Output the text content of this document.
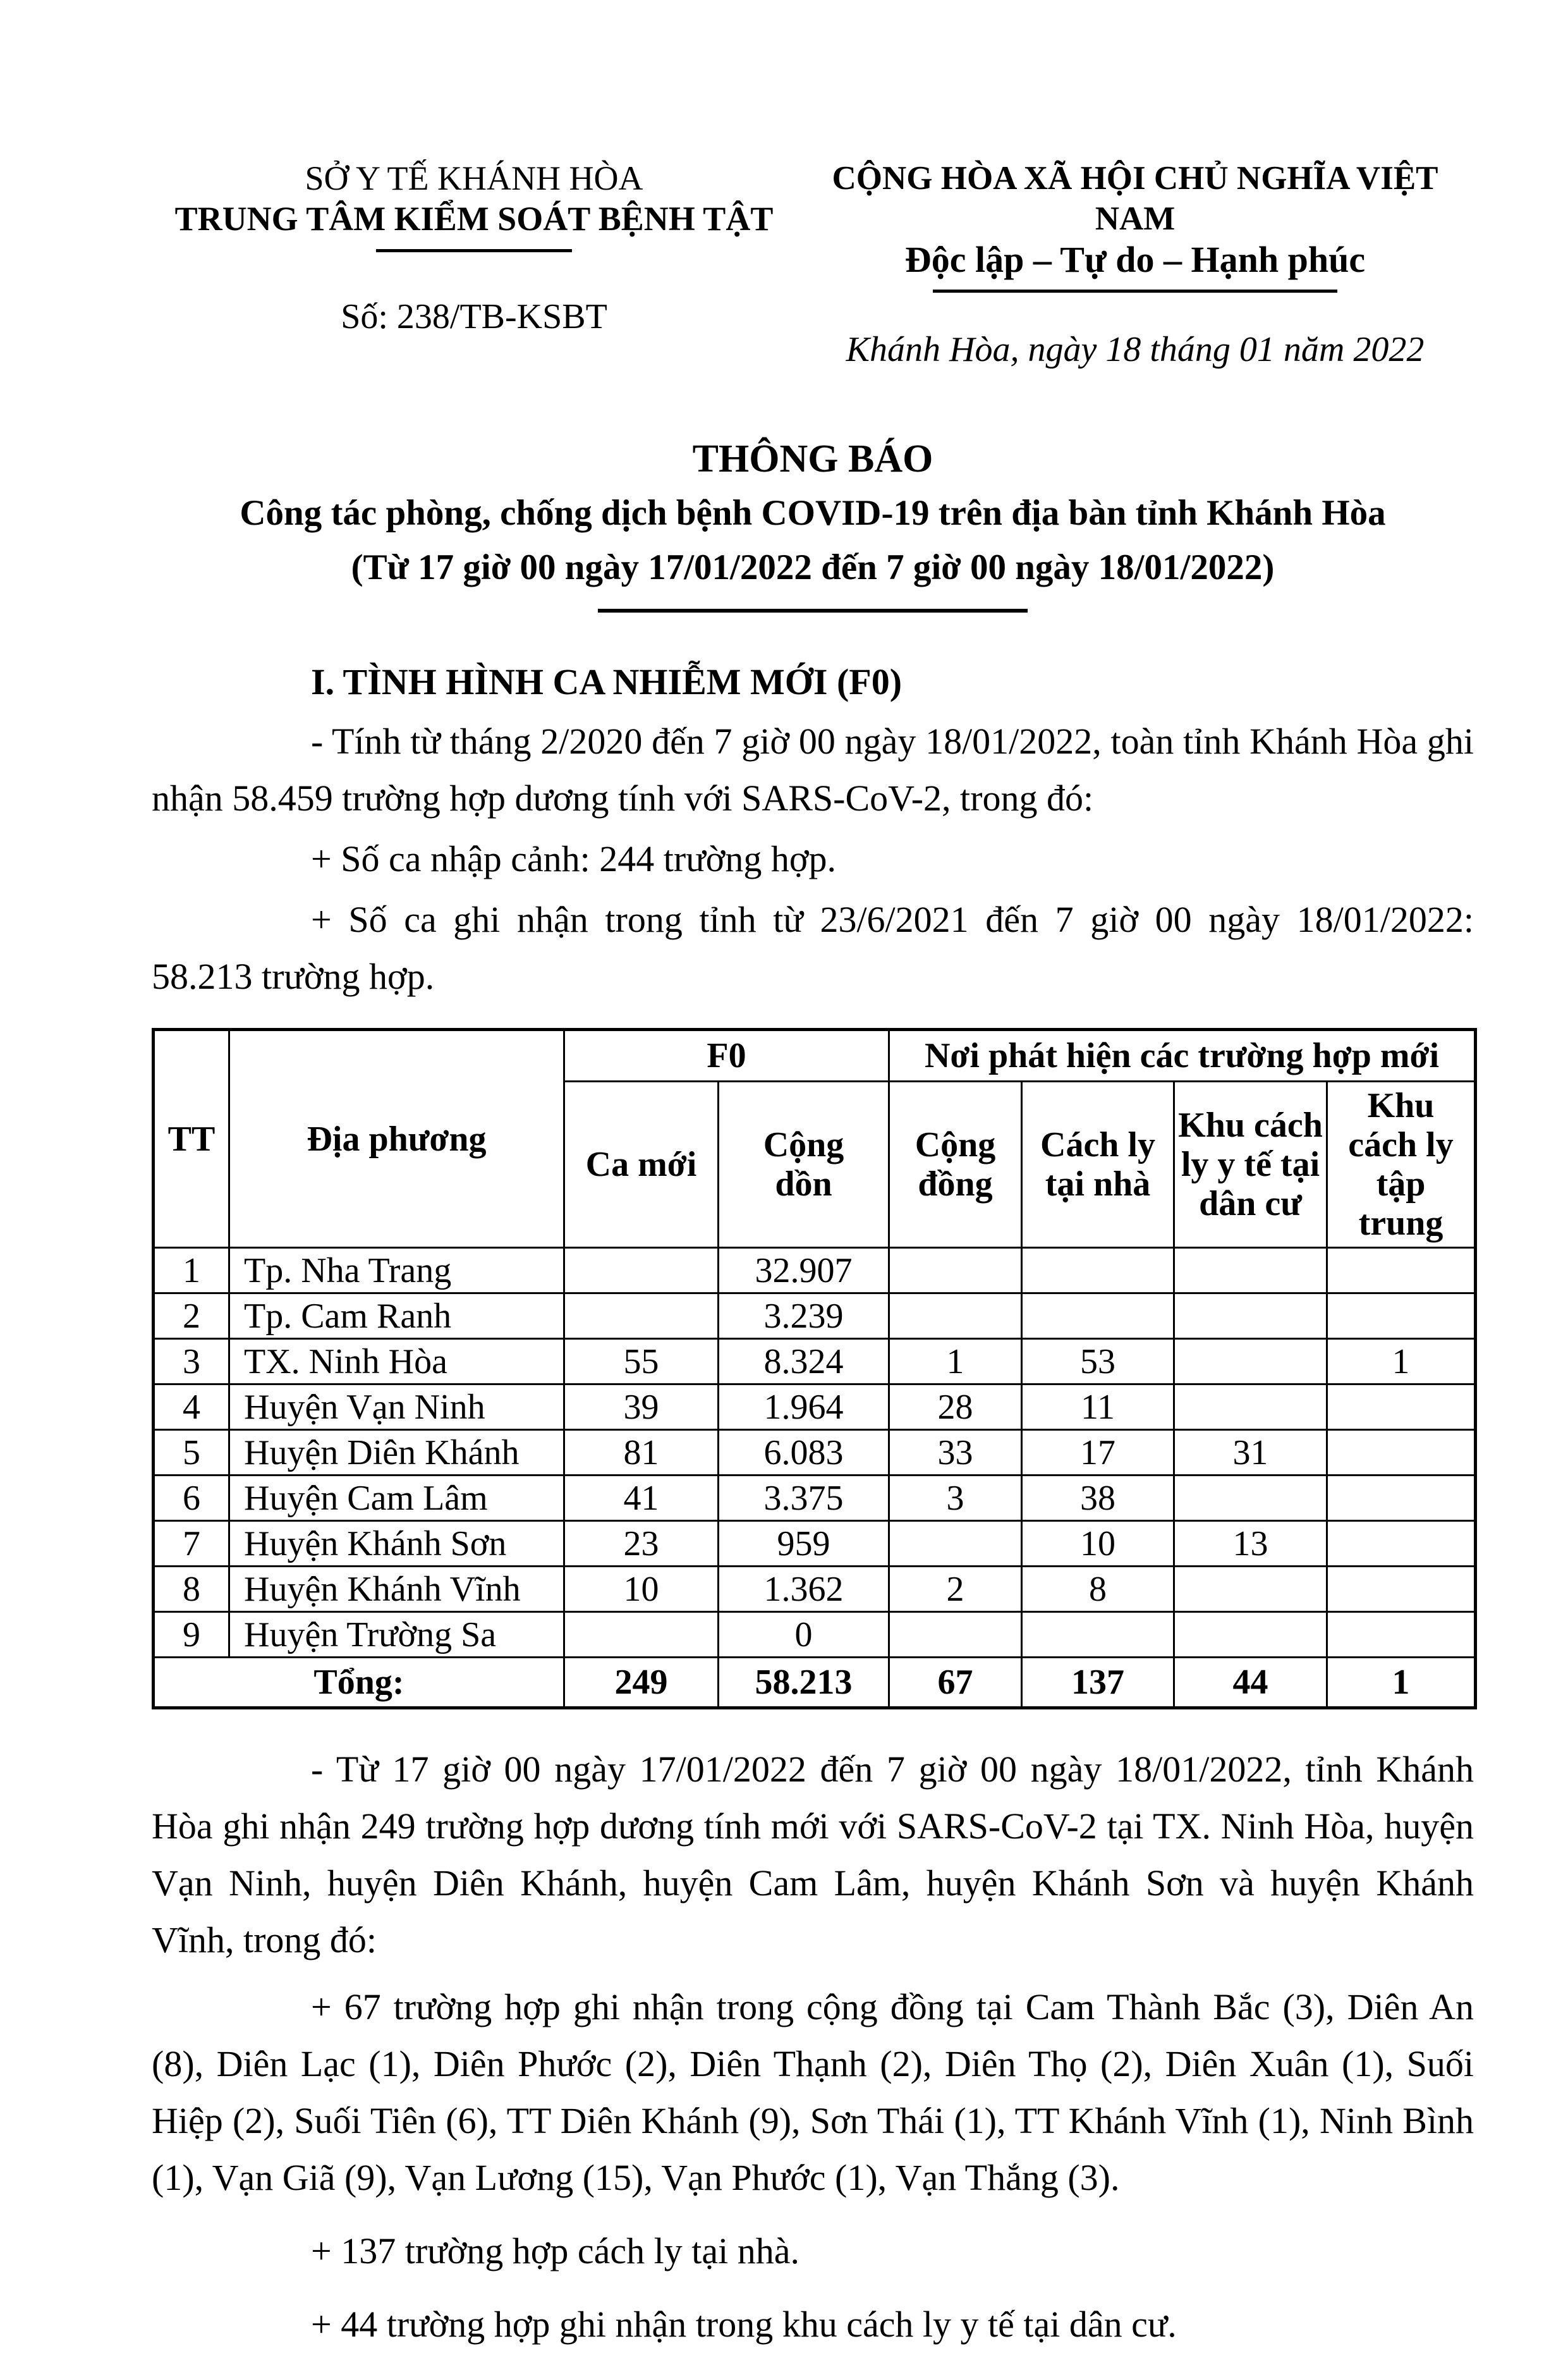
SỞ Y TẾ KHÁNH HÒA
TRUNG TÂM KIỂM SOÁT BỆNH TẬT
Số: 238/TB-KSBT
CỘNG HÒA XÃ HỘI CHỦ NGHĨA VIỆT NAM
Độc lập – Tự do – Hạnh phúc
Khánh Hòa, ngày 18 tháng 01 năm 2022
THÔNG BÁO
Công tác phòng, chống dịch bệnh COVID-19 trên địa bàn tỉnh Khánh Hòa
(Từ 17 giờ 00 ngày 17/01/2022 đến 7 giờ 00 ngày 18/01/2022)
I. TÌNH HÌNH CA NHIỄM MỚI (F0)

- Tính từ tháng 2/2020 đến 7 giờ 00 ngày 18/01/2022, toàn tỉnh Khánh Hòa ghi nhận 58.459 trường hợp dương tính với SARS-CoV-2, trong đó:

+ Số ca nhập cảnh: 244 trường hợp.

+ Số ca ghi nhận trong tỉnh từ 23/6/2021 đến 7 giờ 00 ngày 18/01/2022: 58.213 trường hợp.

TT	Địa phương	F0		Nơi phát hiện các trường hợp mới			
		Ca mới	Cộng dồn	Cộng đồng	Cách ly tại nhà	Khu cách ly y tế tại dân cư	Khu cách ly tập trung
1	Tp. Nha Trang		32.907				
2	Tp. Cam Ranh		3.239				
3	TX. Ninh Hòa	55	8.324	1	53		1
4	Huyện Vạn Ninh	39	1.964	28	11		
5	Huyện Diên Khánh	81	6.083	33	17	31	
6	Huyện Cam Lâm	41	3.375	3	38		
7	Huyện Khánh Sơn	23	959		10	13	
8	Huyện Khánh Vĩnh	10	1.362	2	8		
9	Huyện Trường Sa		0				
Tổng:		249	58.213	67	137	44	1

- Từ 17 giờ 00 ngày 17/01/2022 đến 7 giờ 00 ngày 18/01/2022, tỉnh Khánh Hòa ghi nhận 249 trường hợp dương tính mới với SARS-CoV-2 tại TX. Ninh Hòa, huyện Vạn Ninh, huyện Diên Khánh, huyện Cam Lâm, huyện Khánh Sơn và huyện Khánh Vĩnh, trong đó:

+ 67 trường hợp ghi nhận trong cộng đồng tại Cam Thành Bắc (3), Diên An (8), Diên Lạc (1), Diên Phước (2), Diên Thạnh (2), Diên Thọ (2), Diên Xuân (1), Suối Hiệp (2), Suối Tiên (6), TT Diên Khánh (9), Sơn Thái (1), TT Khánh Vĩnh (1), Ninh Bình (1), Vạn Giã (9), Vạn Lương (15), Vạn Phước (1), Vạn Thắng (3).

+ 137 trường hợp cách ly tại nhà.

+ 44 trường hợp ghi nhận trong khu cách ly y tế tại dân cư.
